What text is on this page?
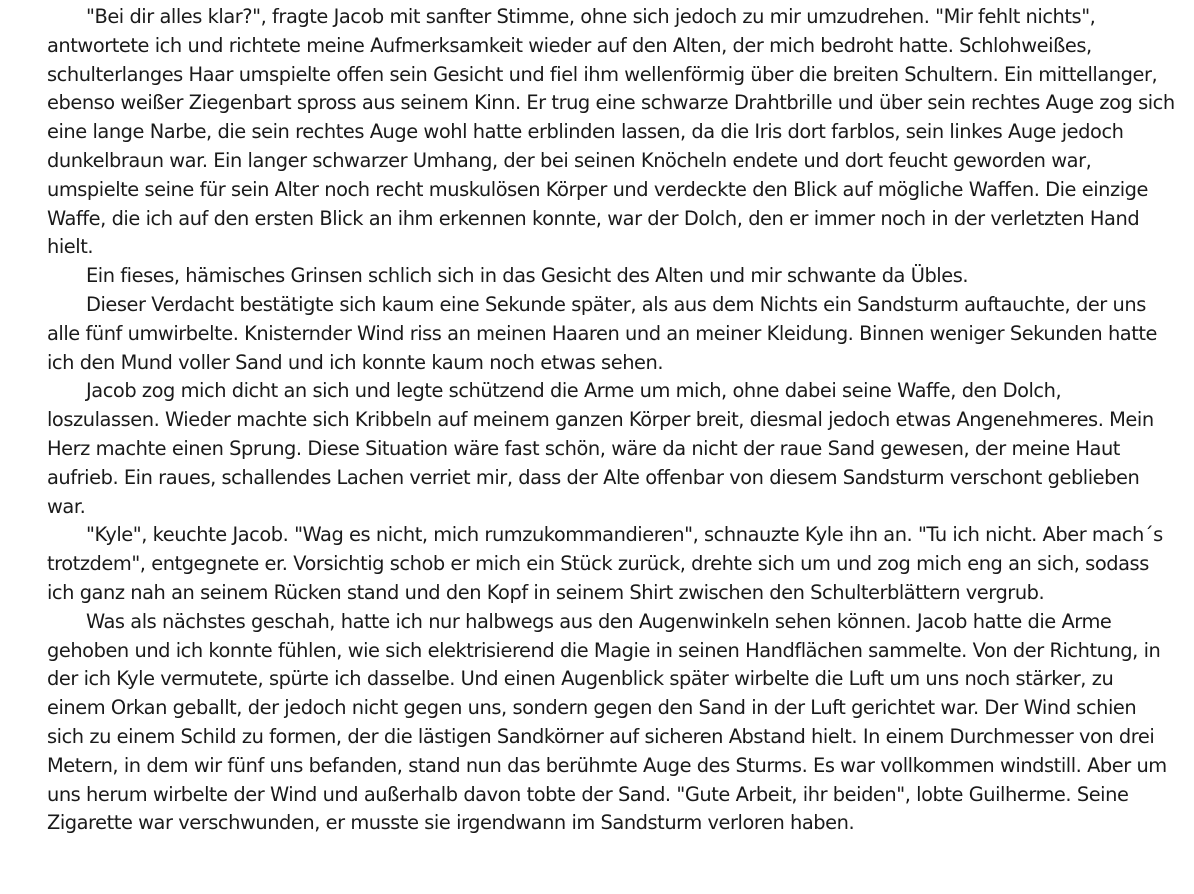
"Bei dir alles klar?", fragte Jacob mit sanfter Stimme, ohne sich jedoch zu mir umzudrehen. "Mir fehlt nichts", antwortete ich und richtete meine Aufmerksamkeit wieder auf den Alten, der mich bedroht hatte. Schlohweißes, schulterlanges Haar umspielte offen sein Gesicht und fiel ihm wellenförmig über die breiten Schultern. Ein mittellanger, ebenso weißer Ziegenbart spross aus seinem Kinn. Er trug eine schwarze Drahtbrille und über sein rechtes Auge zog sich eine lange Narbe, die sein rechtes Auge wohl hatte erblinden lassen, da die Iris dort farblos, sein linkes Auge jedoch dunkelbraun war. Ein langer schwarzer Umhang, der bei seinen Knöcheln endete und dort feucht geworden war, umspielte seine für sein Alter noch recht muskulösen Körper und verdeckte den Blick auf mögliche Waffen. Die einzige Waffe, die ich auf den ersten Blick an ihm erkennen konnte, war der Dolch, den er immer noch in der verletzten Hand hielt.

Ein fieses, hämisches Grinsen schlich sich in das Gesicht des Alten und mir schwante da Übles.

Dieser Verdacht bestätigte sich kaum eine Sekunde später, als aus dem Nichts ein Sandsturm auftauchte, der uns alle fünf umwirbelte. Knisternder Wind riss an meinen Haaren und an meiner Kleidung. Binnen weniger Sekunden hatte ich den Mund voller Sand und ich konnte kaum noch etwas sehen.

Jacob zog mich dicht an sich und legte schützend die Arme um mich, ohne dabei seine Waffe, den Dolch, loszulassen. Wieder machte sich Kribbeln auf meinem ganzen Körper breit, diesmal jedoch etwas Angenehmeres. Mein Herz machte einen Sprung. Diese Situation wäre fast schön, wäre da nicht der raue Sand gewesen, der meine Haut aufrieb. Ein raues, schallendes Lachen verriet mir, dass der Alte offenbar von diesem Sandsturm verschont geblieben war.

"Kyle", keuchte Jacob. "Wag es nicht, mich rumzukommandieren", schnauzte Kyle ihn an. "Tu ich nicht. Aber mach´s trotzdem", entgegnete er. Vorsichtig schob er mich ein Stück zurück, drehte sich um und zog mich eng an sich, sodass ich ganz nah an seinem Rücken stand und den Kopf in seinem Shirt zwischen den Schulterblättern vergrub.

Was als nächstes geschah, hatte ich nur halbwegs aus den Augenwinkeln sehen können. Jacob hatte die Arme gehoben und ich konnte fühlen, wie sich elektrisierend die Magie in seinen Handflächen sammelte. Von der Richtung, in der ich Kyle vermutete, spürte ich dasselbe. Und einen Augenblick später wirbelte die Luft um uns noch stärker, zu einem Orkan geballt, der jedoch nicht gegen uns, sondern gegen den Sand in der Luft gerichtet war. Der Wind schien sich zu einem Schild zu formen, der die lästigen Sandkörner auf sicheren Abstand hielt. In einem Durchmesser von drei Metern, in dem wir fünf uns befanden, stand nun das berühmte Auge des Sturms. Es war vollkommen windstill. Aber um uns herum wirbelte der Wind und außerhalb davon tobte der Sand. "Gute Arbeit, ihr beiden", lobte Guilherme. Seine Zigarette war verschwunden, er musste sie irgendwann im Sandsturm verloren haben.
